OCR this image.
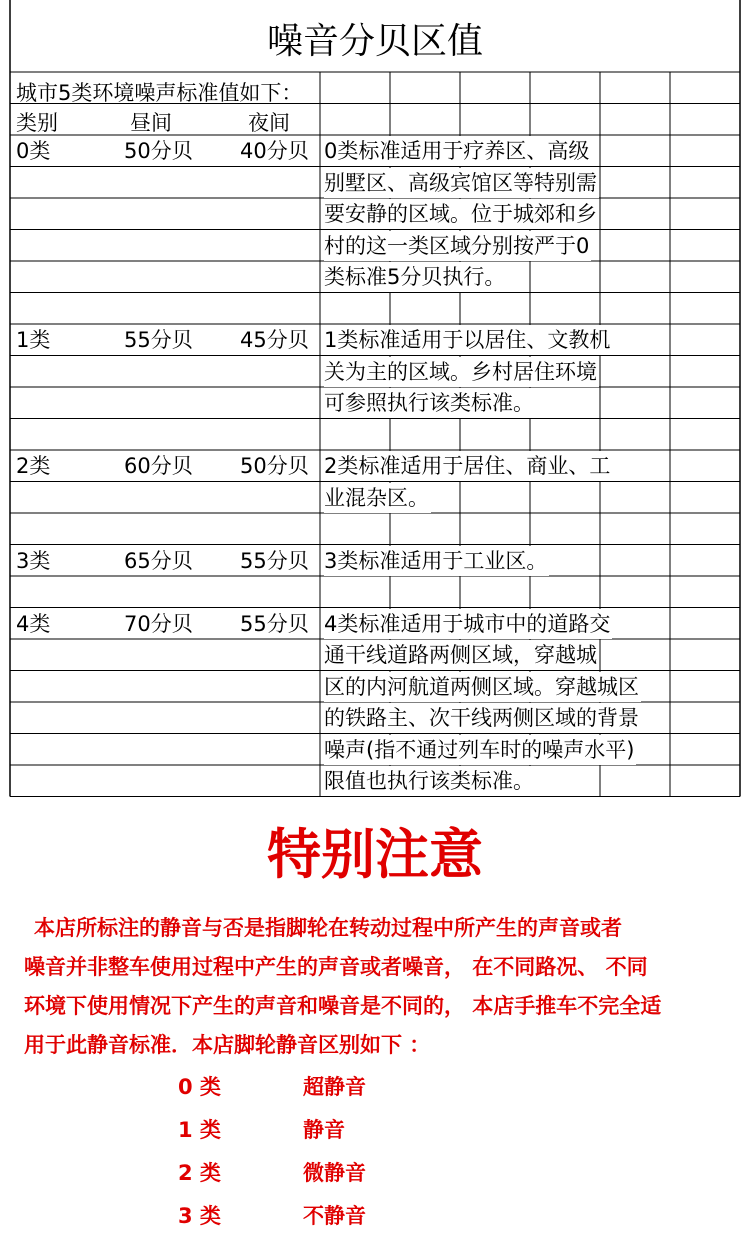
噪音分贝区值
城市5类环境噪声标准值如下：
类别	昼间	夜间
0类	50分贝 40分贝 0类标准适用于疗养区、高级
别墅区、高级宾馆区等特别需
要安静的区域。位于城郊和乡
村的这一类区域分别按严于0
类标准5分贝执行。
1类	55分贝 45分贝 1类标准适用于以居住、文教机
关为主的区域。乡村居住环境
可参照执行该类标准。
2类	60分贝 50分贝 2类标准适用于居住、商业、工
业混杂区。
3类	65分贝 55分贝 3类标准适用于工业区。
4类	70分贝 55分贝 4类标准适用于城市中的道路交
通干线道路两侧区域，穿越城
区的内河航道两侧区域。穿越城区
的铁路主、次干线两侧区域的背景
噪声(指不通过列车时的噪声水平)
限值也执行该类标准。
特别注意
本店所标注的静音与否是指脚轮在转动过程中所产生的声音或者
噪音并非整车使用过程中产生的声音或者噪音， 在不同路况、 不同
环境下使用情况下产生的声音和噪音是不同的， 本店手推车不完全适
用于此静音标准．本店脚轮静音区别如下 ：
0 类	超静音
1 类	静音
2 类	微静音
3 类	不静音
